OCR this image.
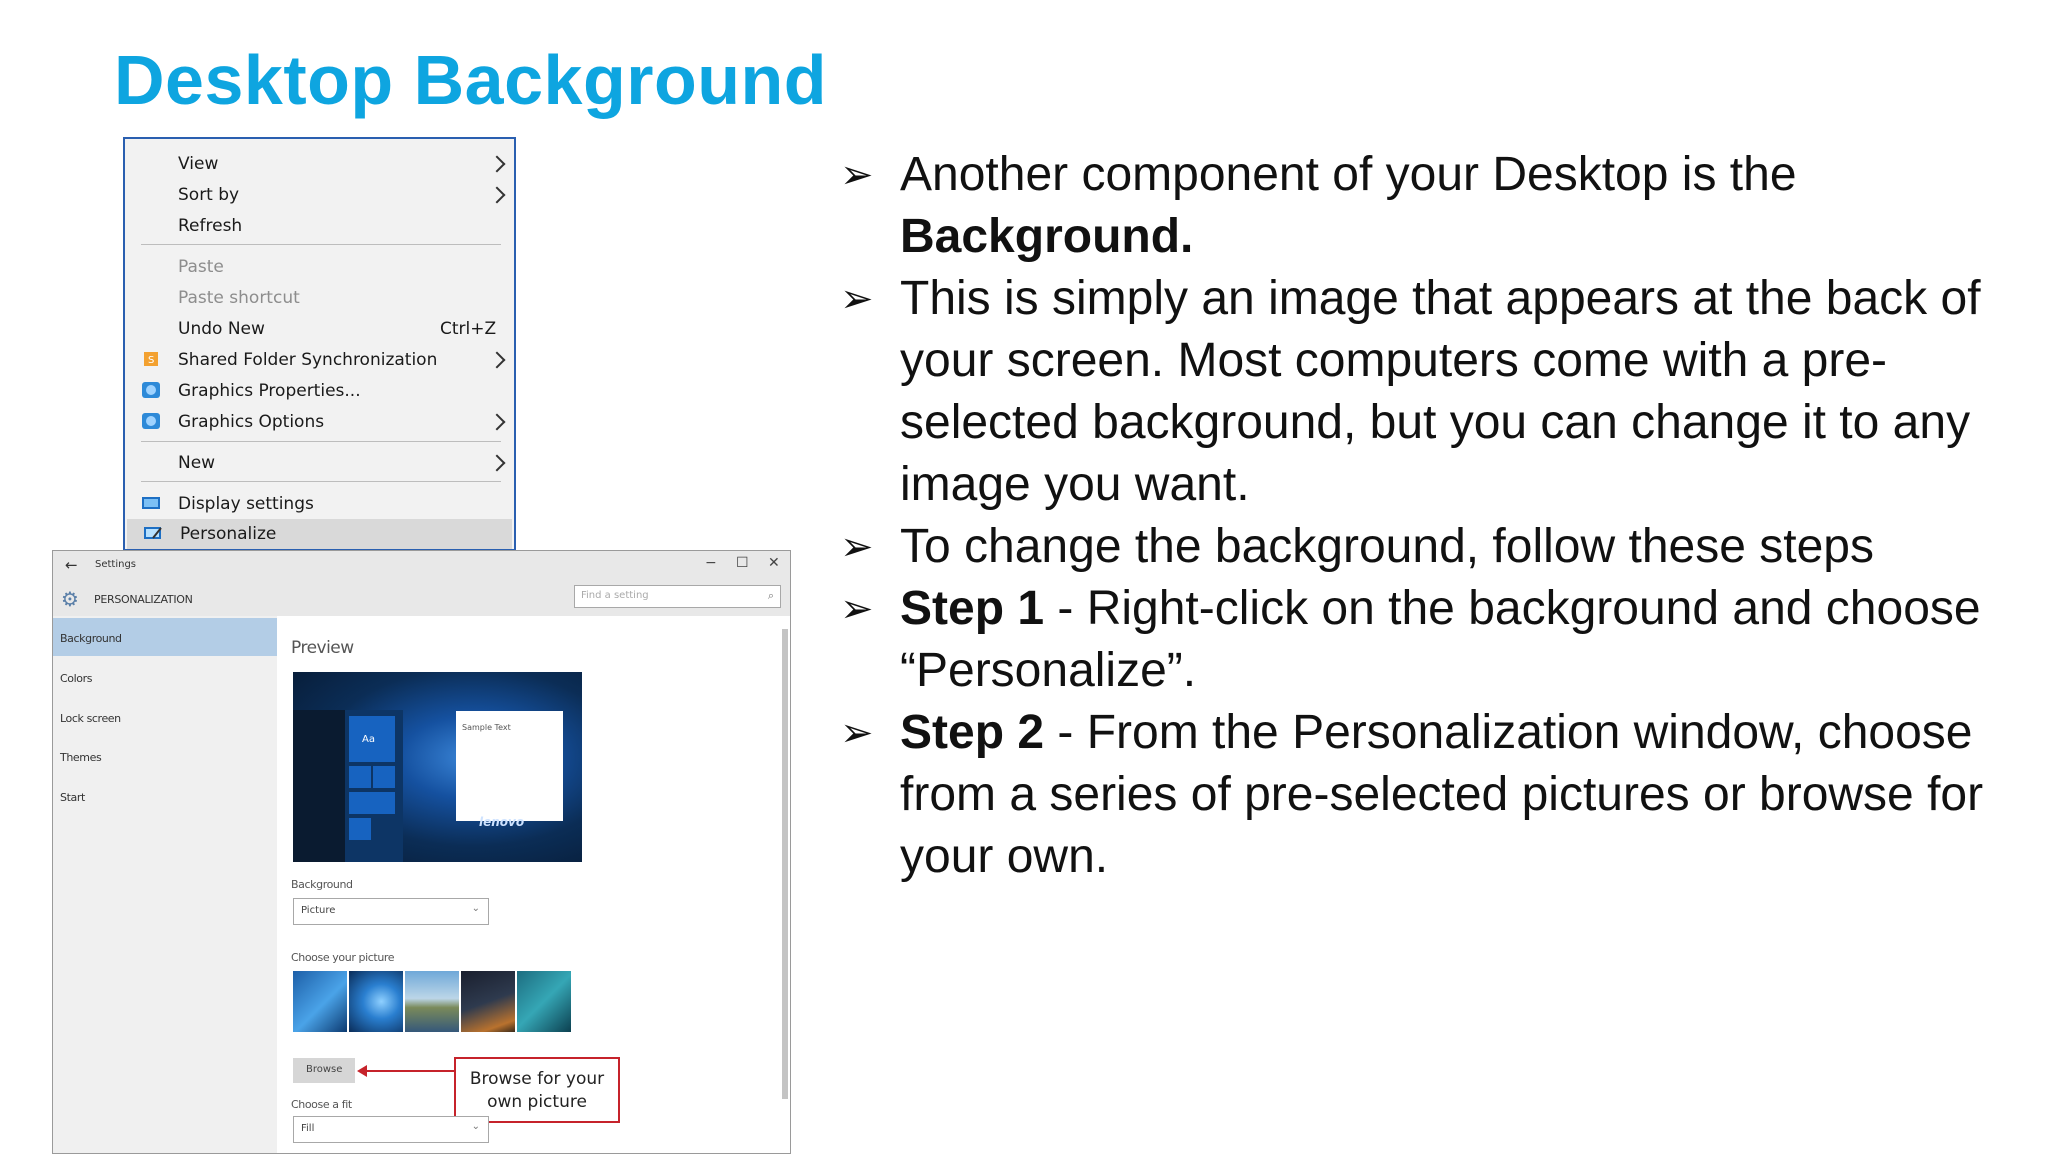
Desktop Background
View
Sort by
Refresh
Paste
Paste shortcut
Undo New	Ctrl+Z
S Shared Folder Synchronization
Graphics Properties...
Graphics Options
New
Display settings
Personalize
← Settings	− ☐ ✕
⚙ PERSONALIZATION	Find a setting	⌕
Background
Colors
Lock screen
Themes
Start
Preview
Aa
Sample Text
lenovo
Background
Picture	⌄
Choose your picture
Browse	Browse for your own picture
Choose a fit
Fill	⌄

➢ Another component of your Desktop is the Background.

➢ This is simply an image that appears at the back of your screen. Most computers come with a pre-selected background, but you can change it to any image you want.

➢ To change the background, follow these steps

➢ Step 1 - Right-click on the background and choose “Personalize”.

➢ Step 2 - From the Personalization window, choose from a series of pre-selected pictures or browse for your own.
